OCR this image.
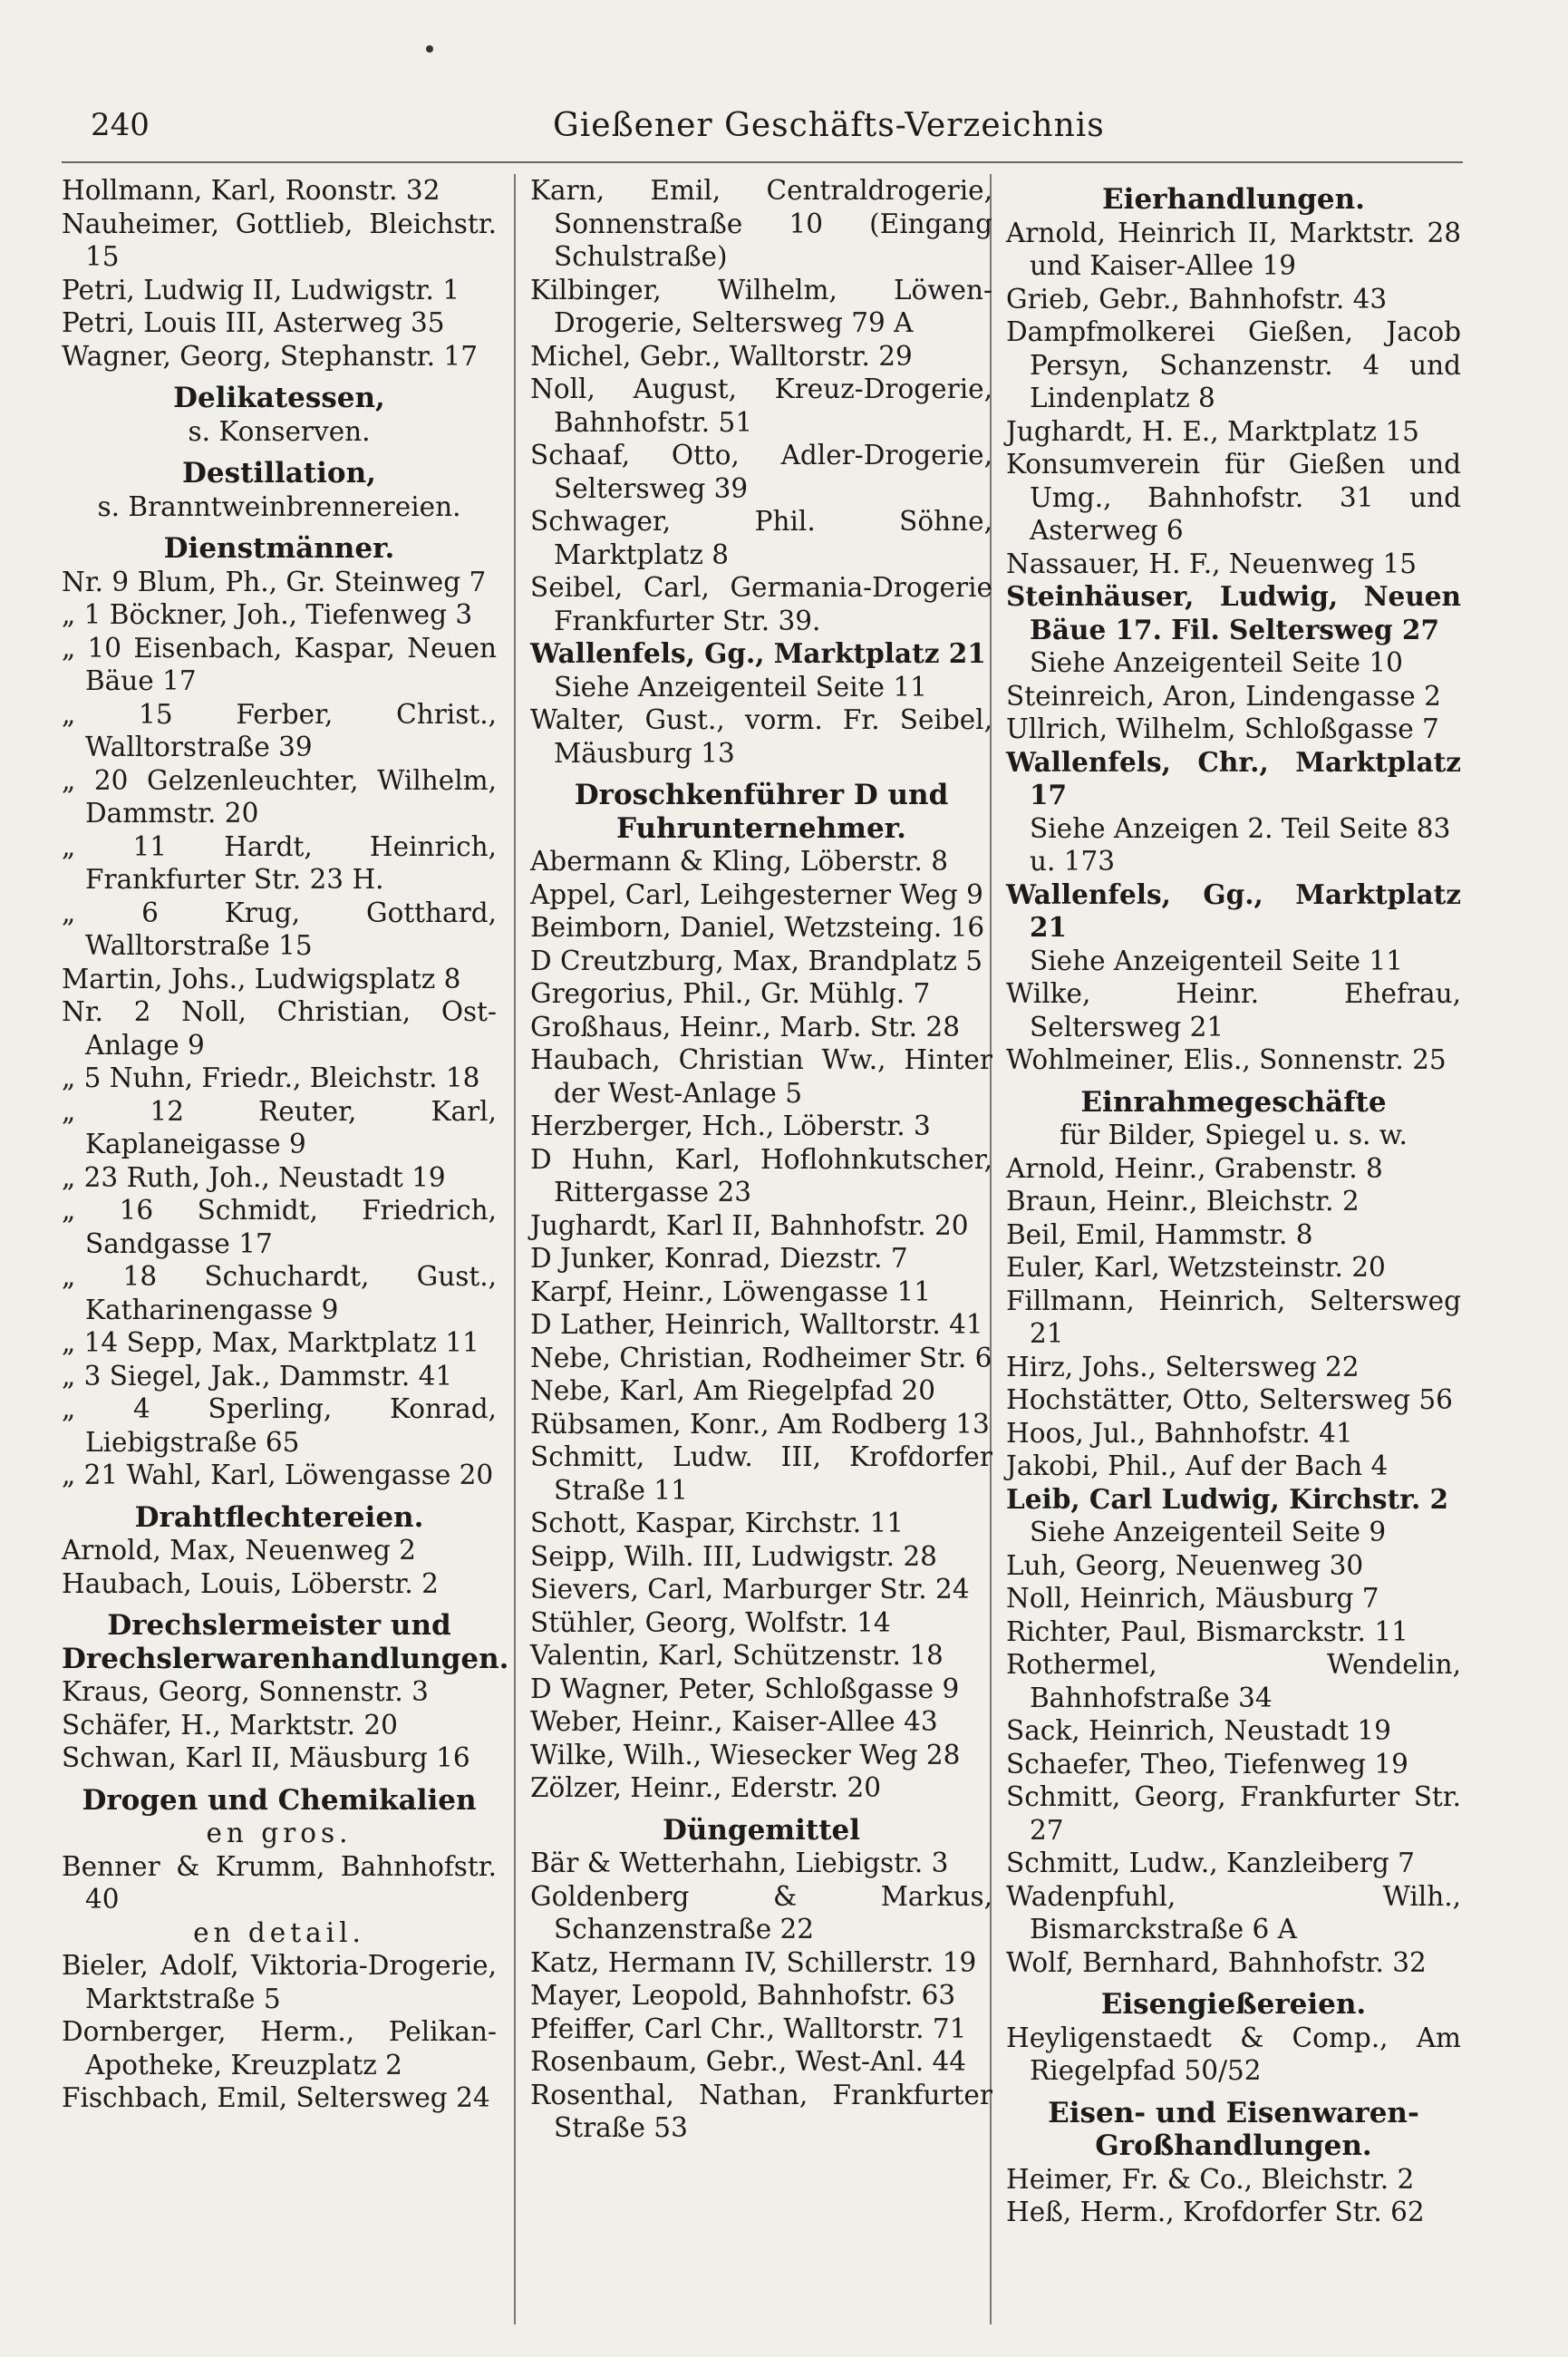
240	Gießener Geschäfts-Verzeichnis
Hollmann, Karl, Roonstr. 32
Nauheimer, Gottlieb, Bleichstr. 15
Petri, Ludwig II, Ludwigstr. 1
Petri, Louis III, Asterweg 35
Wagner, Georg, Stephanstr. 17
Delikatessen,
s. Konserven.
Destillation,
s. Branntweinbrennereien.
Dienstmänner.
Nr. 9 Blum, Ph., Gr. Steinweg 7
„ 1 Böckner, Joh., Tiefenweg 3
„ 10 Eisenbach, Kaspar, Neuen Bäue 17
„ 15 Ferber, Christ., Walltorstraße 39
„ 20 Gelzenleuchter, Wilhelm, Dammstr. 20
„ 11 Hardt, Heinrich, Frankfurter Str. 23 H.
„ 6 Krug, Gotthard, Walltorstraße 15
Martin, Johs., Ludwigsplatz 8
Nr. 2 Noll, Christian, Ost-Anlage 9
„ 5 Nuhn, Friedr., Bleichstr. 18
„ 12 Reuter, Karl, Kaplaneigasse 9
„ 23 Ruth, Joh., Neustadt 19
„ 16 Schmidt, Friedrich, Sandgasse 17
„ 18 Schuchardt, Gust., Katharinengasse 9
„ 14 Sepp, Max, Marktplatz 11
„ 3 Siegel, Jak., Dammstr. 41
„ 4 Sperling, Konrad, Liebigstraße 65
„ 21 Wahl, Karl, Löwengasse 20
Drahtflechtereien.
Arnold, Max, Neuenweg 2
Haubach, Louis, Löberstr. 2
Drechslermeister und Drechslerwarenhandlungen.
Kraus, Georg, Sonnenstr. 3
Schäfer, H., Marktstr. 20
Schwan, Karl II, Mäusburg 16
Drogen und Chemikalien
en gros.
Benner & Krumm, Bahnhofstr. 40
en detail.
Bieler, Adolf, Viktoria-Drogerie, Marktstraße 5
Dornberger, Herm., Pelikan-Apotheke, Kreuzplatz 2
Fischbach, Emil, Seltersweg 24
Karn, Emil, Centraldrogerie, Sonnenstraße 10 (Eingang Schulstraße)
Kilbinger, Wilhelm, Löwen-Drogerie, Seltersweg 79 A
Michel, Gebr., Walltorstr. 29
Noll, August, Kreuz-Drogerie, Bahnhofstr. 51
Schaaf, Otto, Adler-Drogerie, Seltersweg 39
Schwager, Phil. Söhne, Marktplatz 8
Seibel, Carl, Germania-Drogerie Frankfurter Str. 39.
Wallenfels, Gg., Marktplatz 21
Siehe Anzeigenteil Seite 11
Walter, Gust., vorm. Fr. Seibel, Mäusburg 13
Droschkenführer D und Fuhrunternehmer.
Abermann & Kling, Löberstr. 8
Appel, Carl, Leihgesterner Weg 9
Beimborn, Daniel, Wetzsteing. 16
D Creutzburg, Max, Brandplatz 5
Gregorius, Phil., Gr. Mühlg. 7
Großhaus, Heinr., Marb. Str. 28
Haubach, Christian Ww., Hinter der West-Anlage 5
Herzberger, Hch., Löberstr. 3
D Huhn, Karl, Hoflohnkutscher, Rittergasse 23
Jughardt, Karl II, Bahnhofstr. 20
D Junker, Konrad, Diezstr. 7
Karpf, Heinr., Löwengasse 11
D Lather, Heinrich, Walltorstr. 41
Nebe, Christian, Rodheimer Str. 6
Nebe, Karl, Am Riegelpfad 20
Rübsamen, Konr., Am Rodberg 13
Schmitt, Ludw. III, Krofdorfer Straße 11
Schott, Kaspar, Kirchstr. 11
Seipp, Wilh. III, Ludwigstr. 28
Sievers, Carl, Marburger Str. 24
Stühler, Georg, Wolfstr. 14
Valentin, Karl, Schützenstr. 18
D Wagner, Peter, Schloßgasse 9
Weber, Heinr., Kaiser-Allee 43
Wilke, Wilh., Wiesecker Weg 28
Zölzer, Heinr., Ederstr. 20
Düngemittel
Bär & Wetterhahn, Liebigstr. 3
Goldenberg & Markus, Schanzenstraße 22
Katz, Hermann IV, Schillerstr. 19
Mayer, Leopold, Bahnhofstr. 63
Pfeiffer, Carl Chr., Walltorstr. 71
Rosenbaum, Gebr., West-Anl. 44
Rosenthal, Nathan, Frankfurter Straße 53
Eierhandlungen.
Arnold, Heinrich II, Marktstr. 28 und Kaiser-Allee 19
Grieb, Gebr., Bahnhofstr. 43
Dampfmolkerei Gießen, Jacob Persyn, Schanzenstr. 4 und Lindenplatz 8
Jughardt, H. E., Marktplatz 15
Konsumverein für Gießen und Umg., Bahnhofstr. 31 und Asterweg 6
Nassauer, H. F., Neuenweg 15
Steinhäuser, Ludwig, Neuen Bäue 17. Fil. Seltersweg 27
Siehe Anzeigenteil Seite 10
Steinreich, Aron, Lindengasse 2
Ullrich, Wilhelm, Schloßgasse 7
Wallenfels, Chr., Marktplatz 17
Siehe Anzeigen 2. Teil Seite 83 u. 173
Wallenfels, Gg., Marktplatz 21
Siehe Anzeigenteil Seite 11
Wilke, Heinr. Ehefrau, Seltersweg 21
Wohlmeiner, Elis., Sonnenstr. 25
Einrahmegeschäfte
für Bilder, Spiegel u. s. w.
Arnold, Heinr., Grabenstr. 8
Braun, Heinr., Bleichstr. 2
Beil, Emil, Hammstr. 8
Euler, Karl, Wetzsteinstr. 20
Fillmann, Heinrich, Seltersweg 21
Hirz, Johs., Seltersweg 22
Hochstätter, Otto, Seltersweg 56
Hoos, Jul., Bahnhofstr. 41
Jakobi, Phil., Auf der Bach 4
Leib, Carl Ludwig, Kirchstr. 2
Siehe Anzeigenteil Seite 9
Luh, Georg, Neuenweg 30
Noll, Heinrich, Mäusburg 7
Richter, Paul, Bismarckstr. 11
Rothermel, Wendelin, Bahnhofstraße 34
Sack, Heinrich, Neustadt 19
Schaefer, Theo, Tiefenweg 19
Schmitt, Georg, Frankfurter Str. 27
Schmitt, Ludw., Kanzleiberg 7
Wadenpfuhl, Wilh., Bismarckstraße 6 A
Wolf, Bernhard, Bahnhofstr. 32
Eisengießereien.
Heyligenstaedt & Comp., Am Riegelpfad 50/52
Eisen- und Eisenwaren-Großhandlungen.
Heimer, Fr. & Co., Bleichstr. 2
Heß, Herm., Krofdorfer Str. 62
